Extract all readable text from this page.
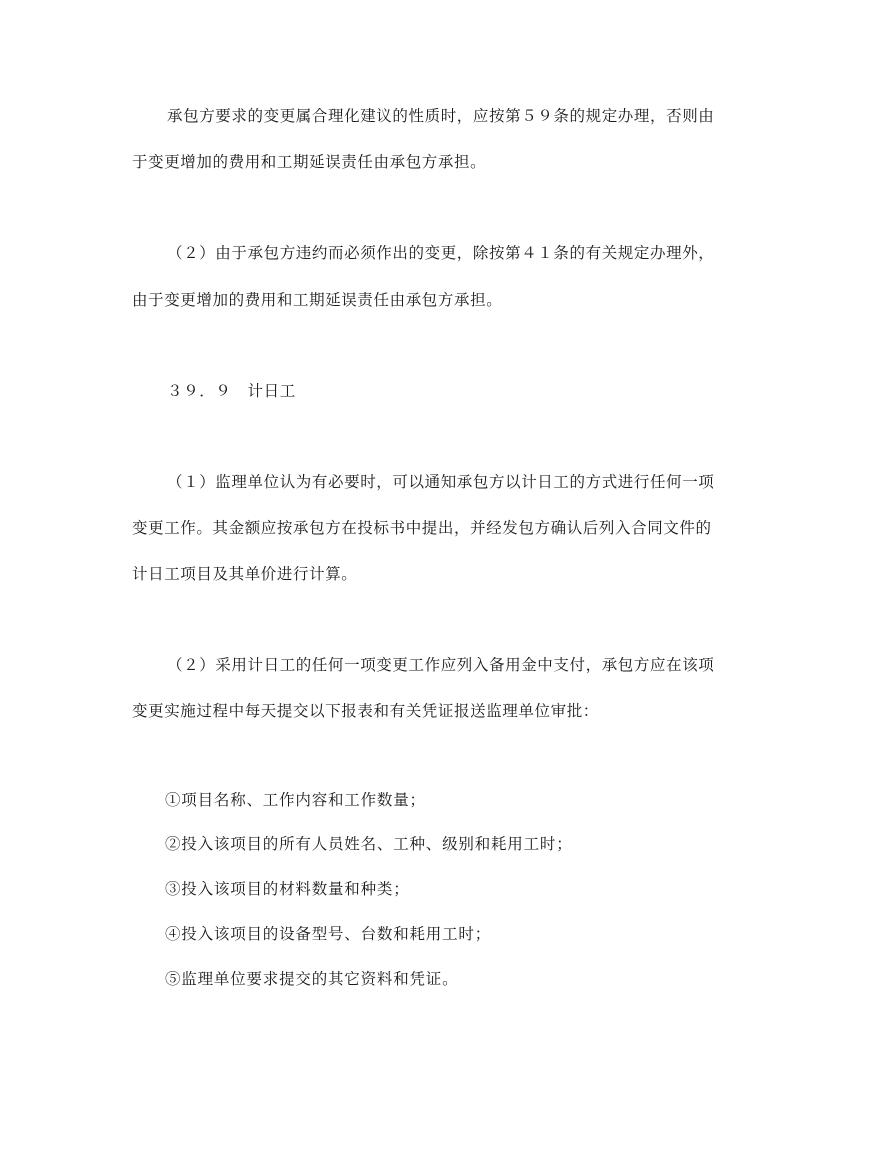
承包方要求的变更属合理化建议的性质时，应按第５９条的规定办理，否则由
于变更增加的费用和工期延误责任由承包方承担。
（２）由于承包方违约而必须作出的变更，除按第４１条的有关规定办理外，
由于变更增加的费用和工期延误责任由承包方承担。
３９．９　计日工
（１）监理单位认为有必要时，可以通知承包方以计日工的方式进行任何一项
变更工作。其金额应按承包方在投标书中提出，并经发包方确认后列入合同文件的
计日工项目及其单价进行计算。
（２）采用计日工的任何一项变更工作应列入备用金中支付，承包方应在该项
变更实施过程中每天提交以下报表和有关凭证报送监理单位审批：
①项目名称、工作内容和工作数量；
②投入该项目的所有人员姓名、工种、级别和耗用工时；
③投入该项目的材料数量和种类；
④投入该项目的设备型号、台数和耗用工时；
⑤监理单位要求提交的其它资料和凭证。
